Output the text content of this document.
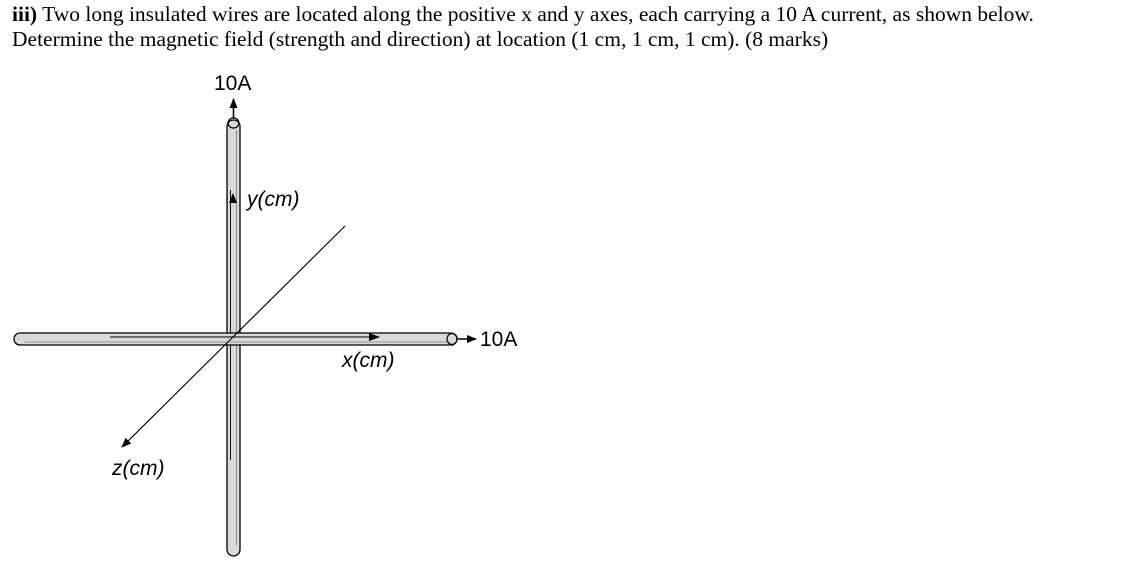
iii) Two long insulated wires are located along the positive x and y axes, each carrying a 10 A current, as shown below. Determine the magnetic field (strength and direction) at location (1 cm, 1 cm, 1 cm). (8 marks)

10A
10A
y(cm)
x(cm)
z(cm)
